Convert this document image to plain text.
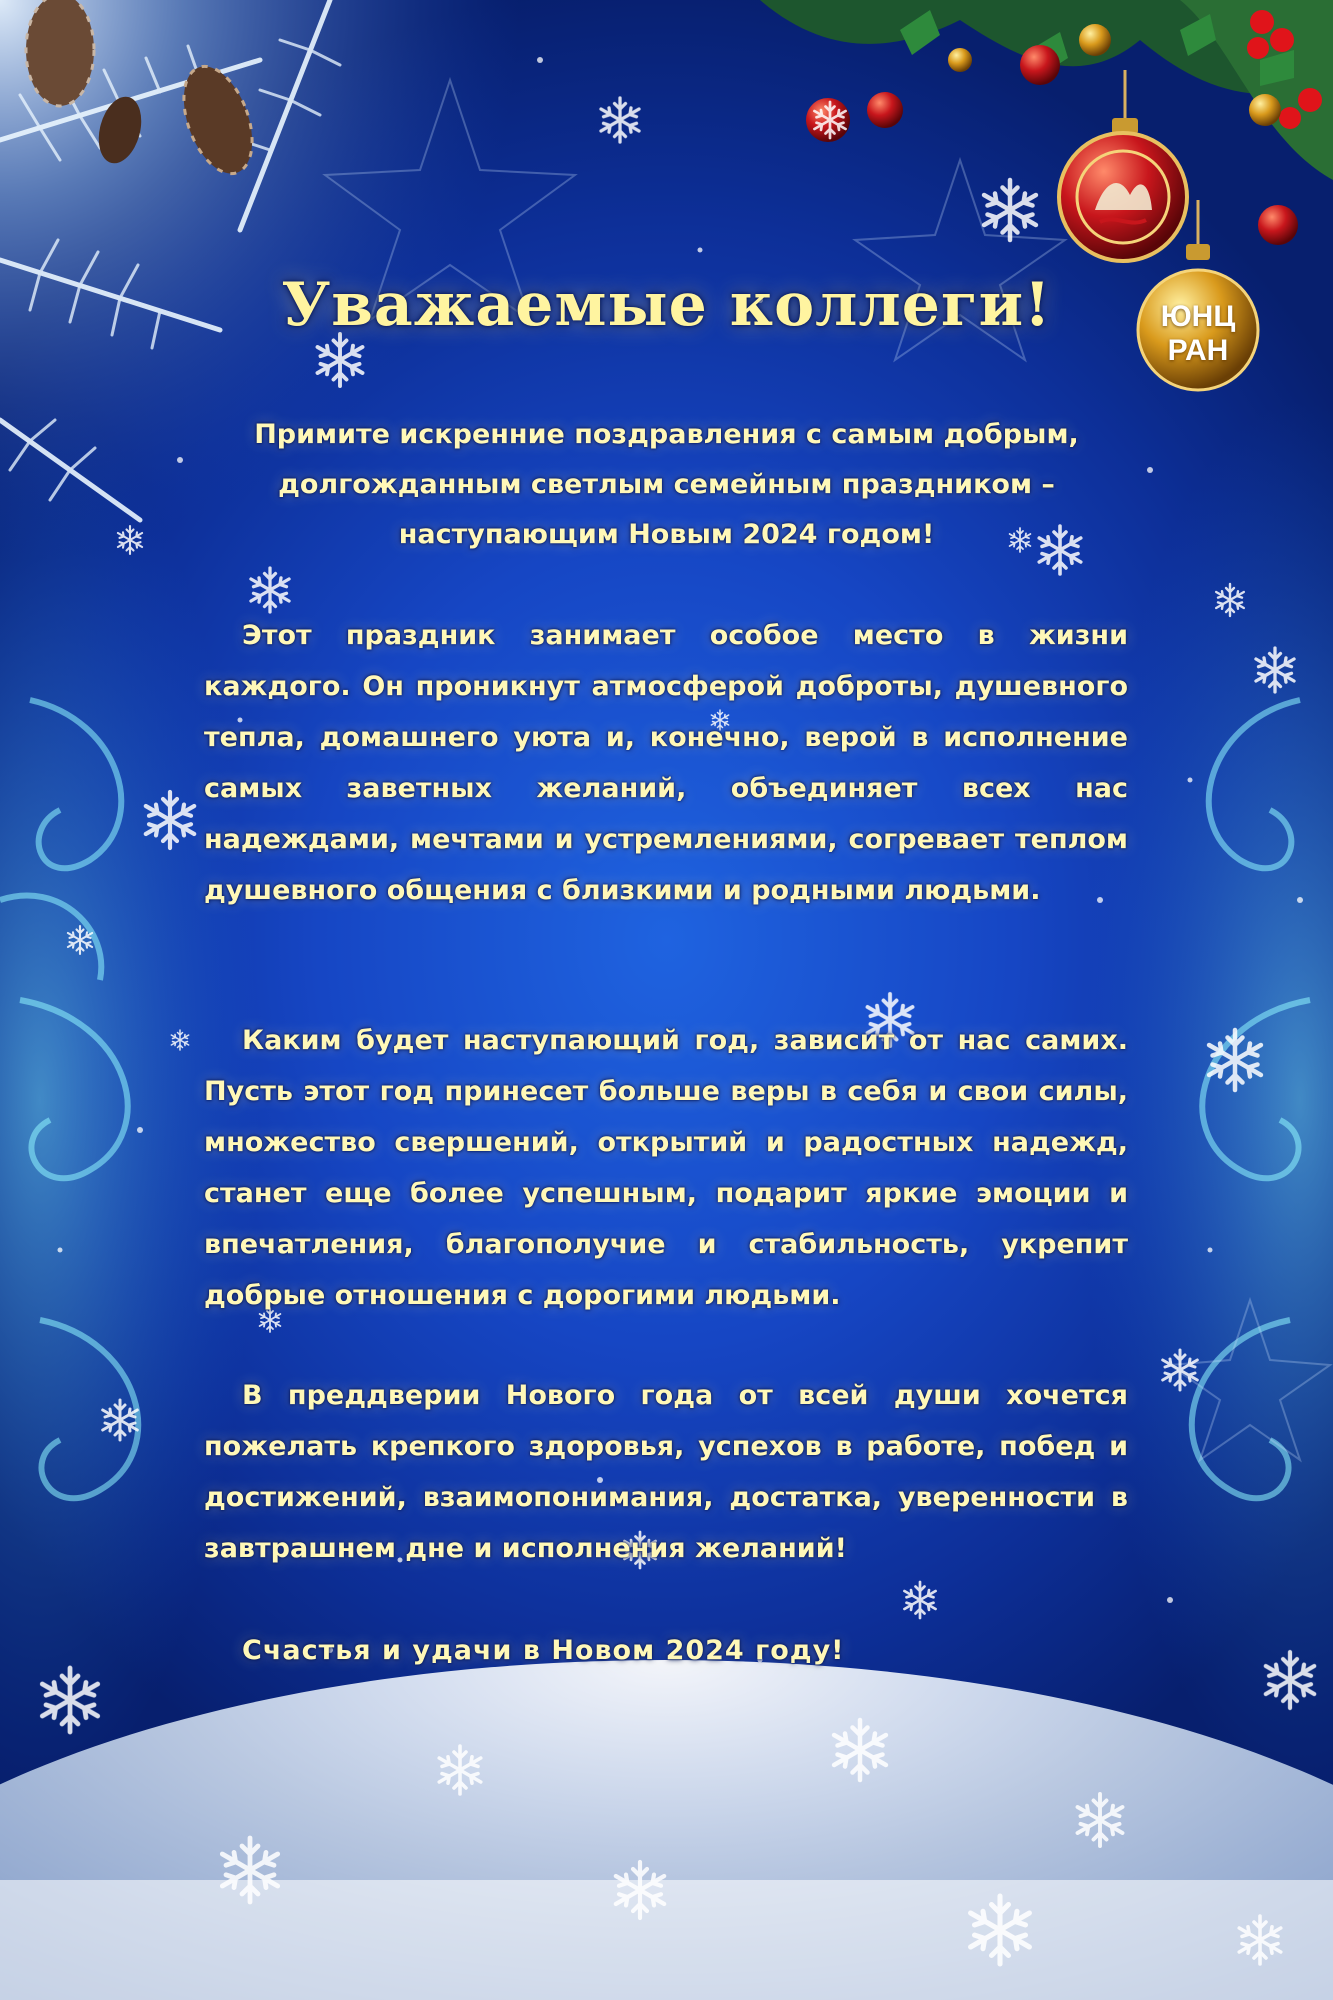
ЮНЦ
РАН
Уважаемые коллеги!
Примите искренние поздравления с самым добрым, долгожданным светлым семейным праздником – наступающим Новым 2024 годом!
Этот праздник занимает особое место в жизни каждого. Он проникнут атмосферой доброты, душевного тепла, домашнего уюта и, конечно, верой в исполнение самых заветных желаний, объединяет всех нас надеждами, мечтами и устремлениями, согревает теплом душевного общения с близкими и родными людьми.
Каким будет наступающий год, зависит от нас самих. Пусть этот год принесет больше веры в себя и свои силы, множество свершений, открытий и радостных надежд, станет еще более успешным, подарит яркие эмоции и впечатления, благополучие и стабильность, укрепит добрые отношения с дорогими людьми.
В преддверии Нового года от всей души хочется пожелать крепкого здоровья, успехов в работе, побед и достижений, взаимопонимания, достатка, уверенности в завтрашнем дне и исполнения желаний!
Счастья и удачи в Новом 2024 году!
